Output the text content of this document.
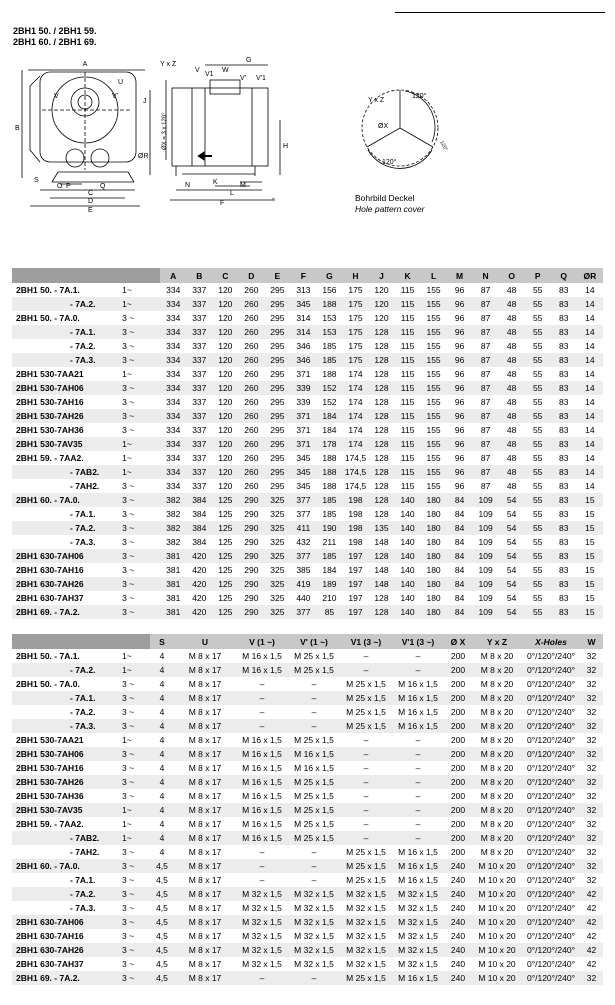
2BH1 50. / 2BH1 59.
2BH1 60. / 2BH1 69.
A
B
C
D
E
J
ØR
S
U
V	V'
P	Q
O
Y x Z
V
V1
W
G
V' V'1
H
N	K	M
L
F
T
ØX = 3 x 120°
Y x Z
120°
ØX
120°
120°
Bohrbild Deckel
Hole pattern cover
		A	B	C	D	E	F	G	H	J	K	L	M	N	O	P	Q	ØR
2BH1 50. - 7A.1.	1~	334	337	120	260	295	313	156	175	120	115	155	96	87	48	55	83	14
- 7A.2.	1~	334	337	120	260	295	345	188	175	120	115	155	96	87	48	55	83	14
2BH1 50. - 7A.0.	3 ~	334	337	120	260	295	314	153	175	120	115	155	96	87	48	55	83	14
- 7A.1.	3 ~	334	337	120	260	295	314	153	175	128	115	155	96	87	48	55	83	14
- 7A.2.	3 ~	334	337	120	260	295	346	185	175	128	115	155	96	87	48	55	83	14
- 7A.3.	3 ~	334	337	120	260	295	346	185	175	128	115	155	96	87	48	55	83	14
2BH1 530-7AA21	1~	334	337	120	260	295	371	188	174	128	115	155	96	87	48	55	83	14
2BH1 530-7AH06	3 ~	334	337	120	260	295	339	152	174	128	115	155	96	87	48	55	83	14
2BH1 530-7AH16	3 ~	334	337	120	260	295	339	152	174	128	115	155	96	87	48	55	83	14
2BH1 530-7AH26	3 ~	334	337	120	260	295	371	184	174	128	115	155	96	87	48	55	83	14
2BH1 530-7AH36	3 ~	334	337	120	260	295	371	184	174	128	115	155	96	87	48	55	83	14
2BH1 530-7AV35	1~	334	337	120	260	295	371	178	174	128	115	155	96	87	48	55	83	14
2BH1 59. - 7AA2.	1~	334	337	120	260	295	345	188	174,5	128	115	155	96	87	48	55	83	14
- 7AB2.	1~	334	337	120	260	295	345	188	174,5	128	115	155	96	87	48	55	83	14
- 7AH2.	3 ~	334	337	120	260	295	345	188	174,5	128	115	155	96	87	48	55	83	14
2BH1 60. - 7A.0.	3 ~	382	384	125	290	325	377	185	198	128	140	180	84	109	54	55	83	15
- 7A.1.	3 ~	382	384	125	290	325	377	185	198	128	140	180	84	109	54	55	83	15
- 7A.2.	3 ~	382	384	125	290	325	411	190	198	135	140	180	84	109	54	55	83	15
- 7A.3.	3 ~	382	384	125	290	325	432	211	198	148	140	180	84	109	54	55	83	15
2BH1 630-7AH06	3 ~	381	420	125	290	325	377	185	197	128	140	180	84	109	54	55	83	15
2BH1 630-7AH16	3 ~	381	420	125	290	325	385	184	197	148	140	180	84	109	54	55	83	15
2BH1 630-7AH26	3 ~	381	420	125	290	325	419	189	197	148	140	180	84	109	54	55	83	15
2BH1 630-7AH37	3 ~	381	420	125	290	325	440	210	197	128	140	180	84	109	54	55	83	15
2BH1 69. - 7A.2.	3 ~	381	420	125	290	325	377	85	197	128	140	180	84	109	54	55	83	15
		S	U	V (1 ~)	V' (1 ~)	V1 (3 ~)	V'1 (3 ~)	Ø X	Y x Z	X-Holes	W
2BH1 50. - 7A.1.	1~	4	M 8 x 17	M 16 x 1,5	M 25 x 1,5	–	–	200	M 8 x 20	0°/120°/240°	32
- 7A.2.	1~	4	M 8 x 17	M 16 x 1,5	M 25 x 1,5	–	–	200	M 8 x 20	0°/120°/240°	32
2BH1 50. - 7A.0.	3 ~	4	M 8 x 17	–	–	M 25 x 1,5	M 16 x 1,5	200	M 8 x 20	0°/120°/240°	32
- 7A.1.	3 ~	4	M 8 x 17	–	–	M 25 x 1,5	M 16 x 1,5	200	M 8 x 20	0°/120°/240°	32
- 7A.2.	3 ~	4	M 8 x 17	–	–	M 25 x 1,5	M 16 x 1,5	200	M 8 x 20	0°/120°/240°	32
- 7A.3.	3 ~	4	M 8 x 17	–	–	M 25 x 1,5	M 16 x 1,5	200	M 8 x 20	0°/120°/240°	32
2BH1 530-7AA21	1~	4	M 8 x 17	M 16 x 1,5	M 25 x 1,5	–	–	200	M 8 x 20	0°/120°/240°	32
2BH1 530-7AH06	3 ~	4	M 8 x 17	M 16 x 1,5	M 16 x 1,5	–	–	200	M 8 x 20	0°/120°/240°	32
2BH1 530-7AH16	3 ~	4	M 8 x 17	M 16 x 1,5	M 16 x 1,5	–	–	200	M 8 x 20	0°/120°/240°	32
2BH1 530-7AH26	3 ~	4	M 8 x 17	M 16 x 1,5	M 25 x 1,5	–	–	200	M 8 x 20	0°/120°/240°	32
2BH1 530-7AH36	3 ~	4	M 8 x 17	M 16 x 1,5	M 25 x 1,5	–	–	200	M 8 x 20	0°/120°/240°	32
2BH1 530-7AV35	1~	4	M 8 x 17	M 16 x 1,5	M 25 x 1,5	–	–	200	M 8 x 20	0°/120°/240°	32
2BH1 59. - 7AA2.	1~	4	M 8 x 17	M 16 x 1,5	M 25 x 1,5	–	–	200	M 8 x 20	0°/120°/240°	32
- 7AB2.	1~	4	M 8 x 17	M 16 x 1,5	M 25 x 1,5	–	–	200	M 8 x 20	0°/120°/240°	32
- 7AH2.	3 ~	4	M 8 x 17	–	–	M 25 x 1,5	M 16 x 1,5	200	M 8 x 20	0°/120°/240°	32
2BH1 60. - 7A.0.	3 ~	4,5	M 8 x 17	–	–	M 25 x 1,5	M 16 x 1,5	240	M 10 x 20	0°/120°/240°	32
- 7A.1.	3 ~	4,5	M 8 x 17	–	–	M 25 x 1,5	M 16 x 1,5	240	M 10 x 20	0°/120°/240°	32
- 7A.2.	3 ~	4,5	M 8 x 17	M 32 x 1,5	M 32 x 1,5	M 32 x 1,5	M 32 x 1,5	240	M 10 x 20	0°/120°/240°	42
- 7A.3.	3 ~	4,5	M 8 x 17	M 32 x 1,5	M 32 x 1,5	M 32 x 1,5	M 32 x 1,5	240	M 10 x 20	0°/120°/240°	42
2BH1 630-7AH06	3 ~	4,5	M 8 x 17	M 32 x 1,5	M 32 x 1,5	M 32 x 1,5	M 32 x 1,5	240	M 10 x 20	0°/120°/240°	42
2BH1 630-7AH16	3 ~	4,5	M 8 x 17	M 32 x 1,5	M 32 x 1,5	M 32 x 1,5	M 32 x 1,5	240	M 10 x 20	0°/120°/240°	42
2BH1 630-7AH26	3 ~	4,5	M 8 x 17	M 32 x 1,5	M 32 x 1,5	M 32 x 1,5	M 32 x 1,5	240	M 10 x 20	0°/120°/240°	42
2BH1 630-7AH37	3 ~	4,5	M 8 x 17	M 32 x 1,5	M 32 x 1,5	M 32 x 1,5	M 32 x 1,5	240	M 10 x 20	0°/120°/240°	42
2BH1 69. - 7A.2.	3 ~	4,5	M 8 x 17	–	–	M 25 x 1,5	M 16 x 1,5	240	M 10 x 20	0°/120°/240°	32
